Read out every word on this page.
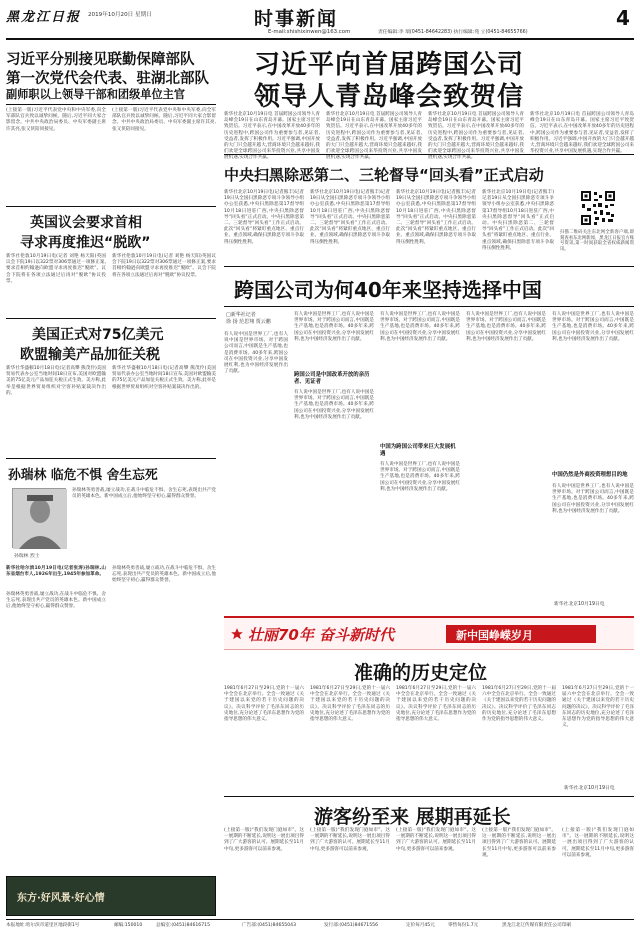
黑龙江日报 2019年10月20日 星期日	时事新闻
E-mail:shishixinwen@163.com	责任编辑:李 瑞(0451-84642283) 执行编辑:苑 立(0451-84655766)
4
习近平分别接见联勤保障部队
第一次党代会代表、驻湖北部队
副师职以上领导干部和团级单位主官
(上接第一版)习近平代表党中央和中央军委,向全军部队官兵致以诚挚问候。随后,习近平同大家合影留念。中共中央政治局委员、中央军委副主席许其亮,张又侠陪同接见。
(上接第一版)习近平代表党中央和中央军委,向全军部队官兵致以诚挚问候。随后,习近平同大家合影留念。中共中央政治局委员、中央军委副主席许其亮,张又侠陪同接见。
英国议会要求首相
寻求再度推迟“脱欧”
新华社伦敦10月19日电(记者 刘艳 杨天阳)英国议会下院19日以322票对306票通过一项修正案,要求首相约翰逊向欧盟寻求再度推迟“脱欧”。议会下院将在各项立法通过后再对“脱欧”协议投票。
新华社伦敦10月19日电(记者 刘艳 杨天阳)英国议会下院19日以322票对306票通过一项修正案,要求首相约翰逊向欧盟寻求再度推迟“脱欧”。议会下院将在各项立法通过后再对“脱欧”协议投票。
美国正式对75亿美元
欧盟输美产品加征关税
新华社华盛顿10月18日电(记者高攀 熊茂伶)美国贸易代表办公室当地时间18日宣布,美国对欧盟输美的75亿美元产品加征关税正式生效。美方称,此举是根据世界贸易组织对空客补贴案裁决作出的。
新华社华盛顿10月18日电(记者高攀 熊茂伶)美国贸易代表办公室当地时间18日宣布,美国对欧盟输美的75亿美元产品加征关税正式生效。美方称,此举是根据世界贸易组织对空客补贴案裁决作出的。
习近平向首届跨国公司
领导人青岛峰会致贺信
新华社北京10月19日电 首届跨国公司领导人青岛峰会19日在山东青岛开幕。国家主席习近平致贺信。习近平表示,在中国改革开放40多年的历史进程中,跨国公司作为重要参与者,见证者,受益者,发挥了积极作用。习近平强调,中国开放的大门只会越开越大,营商环境只会越来越好,我们欢迎全球跨国公司来华投资兴业,共享中国发展机遇,实现合作共赢。
新华社北京10月19日电 首届跨国公司领导人青岛峰会19日在山东青岛开幕。国家主席习近平致贺信。习近平表示,在中国改革开放40多年的历史进程中,跨国公司作为重要参与者,见证者,受益者,发挥了积极作用。习近平强调,中国开放的大门只会越开越大,营商环境只会越来越好,我们欢迎全球跨国公司来华投资兴业,共享中国发展机遇,实现合作共赢。
新华社北京10月19日电 首届跨国公司领导人青岛峰会19日在山东青岛开幕。国家主席习近平致贺信。习近平表示,在中国改革开放40多年的历史进程中,跨国公司作为重要参与者,见证者,受益者,发挥了积极作用。习近平强调,中国开放的大门只会越开越大,营商环境只会越来越好,我们欢迎全球跨国公司来华投资兴业,共享中国发展机遇,实现合作共赢。
新华社北京10月19日电 首届跨国公司领导人青岛峰会19日在山东青岛开幕。国家主席习近平致贺信。习近平表示,在中国改革开放40多年的历史进程中,跨国公司作为重要参与者,见证者,受益者,发挥了积极作用。习近平强调,中国开放的大门只会越开越大,营商环境只会越来越好,我们欢迎全球跨国公司来华投资兴业,共享中国发展机遇,实现合作共赢。
中央扫黑除恶第二、三轮督导“回头看”正式启动
新华社北京10月19日电(记者熊丰)记者19日从全国扫黑除恶专项斗争领导小组办公室获悉,中央扫黑除恶第17督导组10月18日进驻广西,中央扫黑除恶督导“回头看”正式启动。中央扫黑除恶第二、三轮督导“回头看”工作正式启动。此次“回头看”将紧盯重点地区、重点行业、重点领域,确保扫黑除恶专项斗争取得压倒性胜利。
新华社北京10月19日电(记者熊丰)记者19日从全国扫黑除恶专项斗争领导小组办公室获悉,中央扫黑除恶第17督导组10月18日进驻广西,中央扫黑除恶督导“回头看”正式启动。中央扫黑除恶第二、三轮督导“回头看”工作正式启动。此次“回头看”将紧盯重点地区、重点行业、重点领域,确保扫黑除恶专项斗争取得压倒性胜利。
新华社北京10月19日电(记者熊丰)记者19日从全国扫黑除恶专项斗争领导小组办公室获悉,中央扫黑除恶第17督导组10月18日进驻广西,中央扫黑除恶督导“回头看”正式启动。中央扫黑除恶第二、三轮督导“回头看”工作正式启动。此次“回头看”将紧盯重点地区、重点行业、重点领域,确保扫黑除恶专项斗争取得压倒性胜利。
新华社北京10月19日电(记者熊丰)记者19日从全国扫黑除恶专项斗争领导小组办公室获悉,中央扫黑除恶第17督导组10月18日进驻广西,中央扫黑除恶督导“回头看”正式启动。中央扫黑除恶第二、三轮督导“回头看”工作正式启动。此次“回头看”将紧盯重点地区、重点行业、重点领域,确保扫黑除恶专项斗争取得压倒性胜利。
扫描二维码关注东北网全新客户端,即刻查看东北网新闻、黑龙江日报官方账号资讯,第一时间获取全省权威新闻资讯。
孙瑞林 临危不惧 舍生忘死
孙瑞林 烈士
孙瑞林英勇善战,屡立战功,在战斗中临危不惧、舍生忘死,表现出共产党员的英雄本色。新中国成立后,他始终坚守初心,赢得群众赞誉。
新华社哈尔滨10月19日电(记者张涛)孙瑞林,山东省烟台市人,1926年出生,1945年参加革命。
孙瑞林英勇善战,屡立战功,在战斗中临危不惧、舍生忘死,表现出共产党员的英雄本色。新中国成立后,他始终坚守初心,赢得群众赞誉。
孙瑞林英勇善战,屡立战功,在战斗中临危不惧、舍生忘死,表现出共产党员的英雄本色。新中国成立后,他始终坚守初心,赢得群众赞誉。
跨国公司为何40年来坚持选择中国
□新华社记者
徐 扬 范思翔 贾云鹏
有人说中国是世界工厂,也有人说中国是世界市场。对于跨国公司而言,中国既是生产基地,也是消费市场。40多年来,跨国公司在中国投资兴业,分享中国发展红利,也为中国经济发展作出了贡献。
跨国公司是中国改革开放的亲历者、见证者
有人说中国是世界工厂,也有人说中国是世界市场。对于跨国公司而言,中国既是生产基地,也是消费市场。40多年来,跨国公司在中国投资兴业,分享中国发展红利,也为中国经济发展作出了贡献。
有人说中国是世界工厂,也有人说中国是世界市场。对于跨国公司而言,中国既是生产基地,也是消费市场。40多年来,跨国公司在中国投资兴业,分享中国发展红利,也为中国经济发展作出了贡献。
中国为跨国公司带来巨大发展机遇
有人说中国是世界工厂,也有人说中国是世界市场。对于跨国公司而言,中国既是生产基地,也是消费市场。40多年来,跨国公司在中国投资兴业,分享中国发展红利,也为中国经济发展作出了贡献。
有人说中国是世界工厂,也有人说中国是世界市场。对于跨国公司而言,中国既是生产基地,也是消费市场。40多年来,跨国公司在中国投资兴业,分享中国发展红利,也为中国经济发展作出了贡献。
有人说中国是世界工厂,也有人说中国是世界市场。对于跨国公司而言,中国既是生产基地,也是消费市场。40多年来,跨国公司在中国投资兴业,分享中国发展红利,也为中国经济发展作出了贡献。
中国仍然是外商投资理想目的地
有人说中国是世界工厂,也有人说中国是世界市场。对于跨国公司而言,中国既是生产基地,也是消费市场。40多年来,跨国公司在中国投资兴业,分享中国发展红利,也为中国经济发展作出了贡献。
有人说中国是世界工厂,也有人说中国是世界市场。对于跨国公司而言,中国既是生产基地,也是消费市场。40多年来,跨国公司在中国投资兴业,分享中国发展红利,也为中国经济发展作出了贡献。
新华社北京10月19日电
壮丽70年 奋斗新时代	新中国峥嵘岁月
准确的历史定位
1981年6月27日至29日,党的十一届六中全会在北京举行。全会一致通过《关于建国以来党的若干历史问题的决议》。决议科学评价了毛泽东同志的历史地位,充分论述了毛泽东思想作为党的指导思想的伟大意义。
1981年6月27日至29日,党的十一届六中全会在北京举行。全会一致通过《关于建国以来党的若干历史问题的决议》。决议科学评价了毛泽东同志的历史地位,充分论述了毛泽东思想作为党的指导思想的伟大意义。
1981年6月27日至29日,党的十一届六中全会在北京举行。全会一致通过《关于建国以来党的若干历史问题的决议》。决议科学评价了毛泽东同志的历史地位,充分论述了毛泽东思想作为党的指导思想的伟大意义。
1981年6月27日至29日,党的十一届六中全会在北京举行。全会一致通过《关于建国以来党的若干历史问题的决议》。决议科学评价了毛泽东同志的历史地位,充分论述了毛泽东思想作为党的指导思想的伟大意义。
1981年6月27日至29日,党的十一届六中全会在北京举行。全会一致通过《关于建国以来党的若干历史问题的决议》。决议科学评价了毛泽东同志的历史地位,充分论述了毛泽东思想作为党的指导思想的伟大意义。
新华社北京10月19日电
游客纷至来 展期再延长
(上接第一版)“我们发现门庭如市”。这一展期的不断延长,说明这一展出项目得到了广大游客的认可。展期延长至11月中旬,更多游客可以前来参观。
(上接第一版)“我们发现门庭如市”。这一展期的不断延长,说明这一展出项目得到了广大游客的认可。展期延长至11月中旬,更多游客可以前来参观。
(上接第一版)“我们发现门庭如市”。这一展期的不断延长,说明这一展出项目得到了广大游客的认可。展期延长至11月中旬,更多游客可以前来参观。
(上接第一版)“我们发现门庭如市”。这一展期的不断延长,说明这一展出项目得到了广大游客的认可。展期延长至11月中旬,更多游客可以前来参观。
(上接第一版)“我们发现门庭如市”。这一展期的不断延长,说明这一展出项目得到了广大游客的认可。展期延长至11月中旬,更多游客可以前来参观。
东方·好风景·好心情
本报地址:哈尔滨市道里区地段街1号	邮编:150010	总编室:(0451)84616715	广告部:(0451)84655043	发行部:(0451)84671556	定价每月45元	零售每份1.7元	黑龙江北辽传媒有限责任公司印刷
